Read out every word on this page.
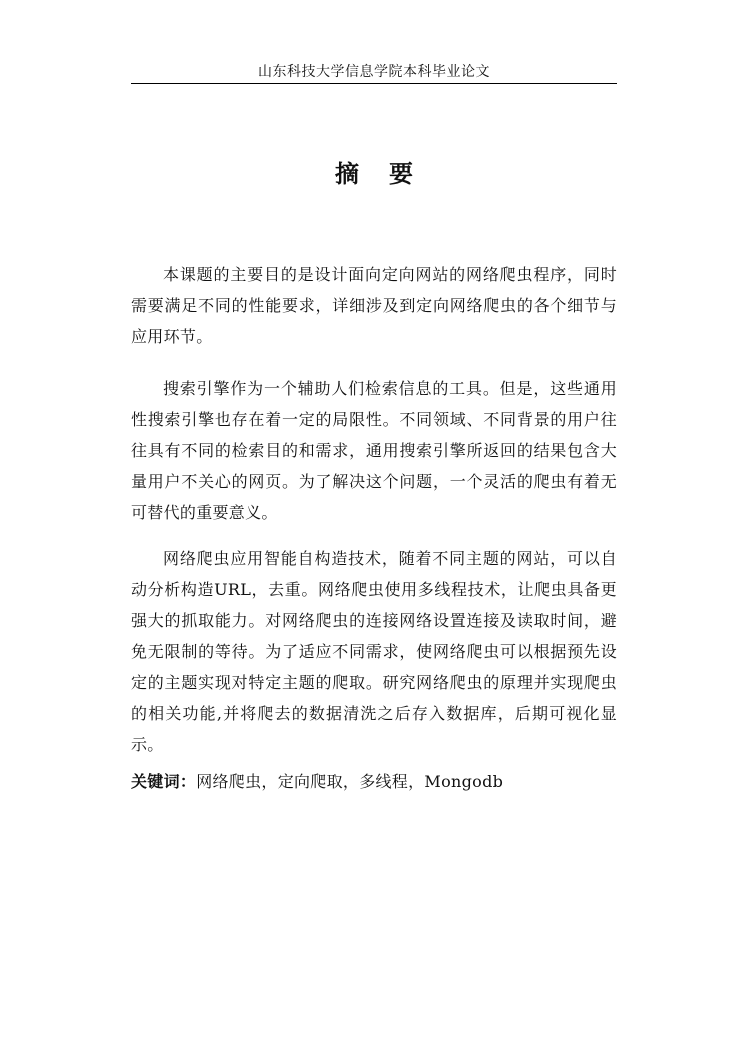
山东科技大学信息学院本科毕业论文
摘 要

本课题的主要目的是设计面向定向网站的网络爬虫程序，同时需要满足不同的性能要求，详细涉及到定向网络爬虫的各个细节与应用环节。

搜索引擎作为一个辅助人们检索信息的工具。但是，这些通用性搜索引擎也存在着一定的局限性。不同领域、不同背景的用户往往具有不同的检索目的和需求，通用搜索引擎所返回的结果包含大量用户不关心的网页。为了解决这个问题，一个灵活的爬虫有着无可替代的重要意义。

网络爬虫应用智能自构造技术，随着不同主题的网站，可以自动分析构造URL，去重。网络爬虫使用多线程技术，让爬虫具备更强大的抓取能力。对网络爬虫的连接网络设置连接及读取时间，避免无限制的等待。为了适应不同需求，使网络爬虫可以根据预先设定的主题实现对特定主题的爬取。研究网络爬虫的原理并实现爬虫的相关功能,并将爬去的数据清洗之后存入数据库，后期可视化显示。

关键词：网络爬虫，定向爬取，多线程，Mongodb
